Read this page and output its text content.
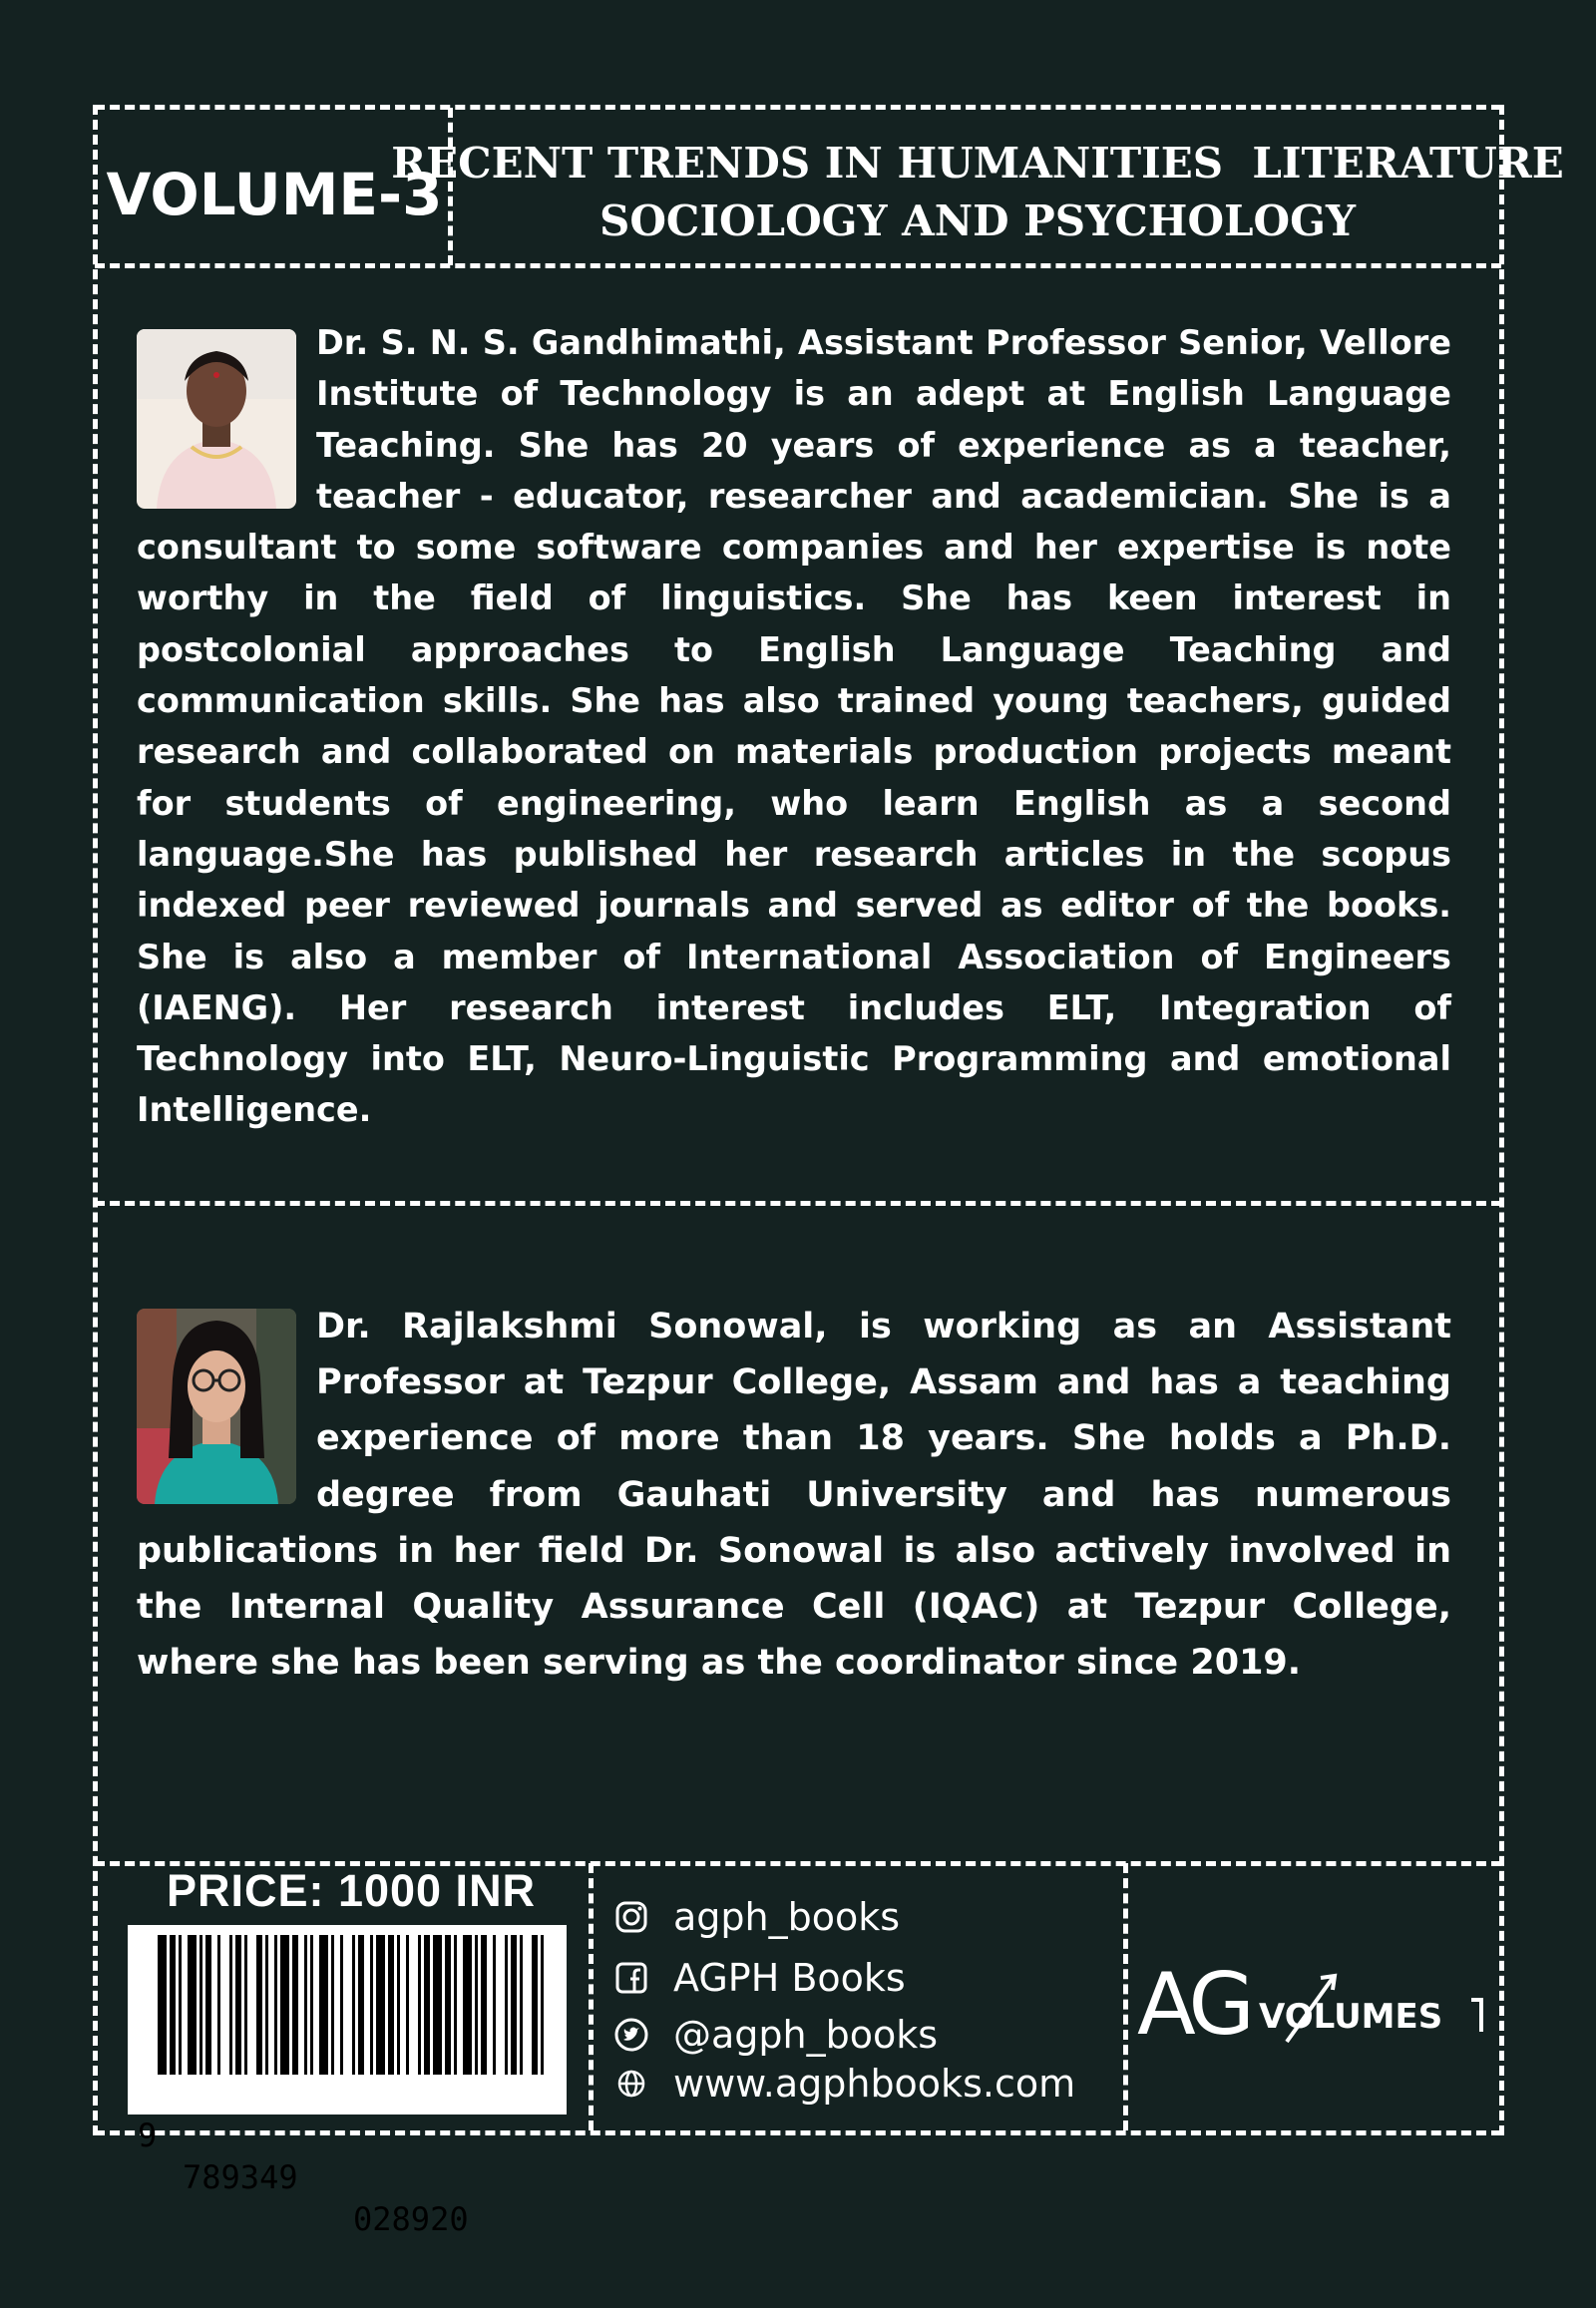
VOLUME-3
RECENT TRENDS IN HUMANITIES  LITERATURE
SOCIOLOGY AND PSYCHOLOGY
Dr. S. N. S. Gandhimathi, Assistant Professor Senior, Vellore Institute of Technology is an adept at English Language Teaching. She has 20 years of experience as a teacher, teacher - educator, researcher and academician. She is a consultant to some software companies and her expertise is note worthy in the field of linguistics. She has keen interest in postcolonial approaches to English Language Teaching and communication skills. She has also trained young teachers, guided research and collaborated on materials production projects meant for students of engineering, who learn English as a second language.She has published her research articles in the scopus indexed peer reviewed journals and served as editor of the books. She is also a member of International Association of Engineers (IAENG). Her research interest includes ELT, Integration of Technology into ELT, Neuro-Linguistic Programming and emotional Intelligence.
Dr. Rajlakshmi Sonowal, is working as an Assistant Professor at Tezpur College, Assam and has a teaching experience of more than 18 years. She holds a Ph.D. degree from Gauhati University and has numerous publications in her field Dr. Sonowal is also actively involved in the Internal Quality Assurance Cell (IQAC) at Tezpur College, where she has been serving as the coordinator since 2019.
PRICE: 1000 INR

9

789349

028920

agph_books
AGPH Books
@agph_books
www.agphbooks.com
AG VOLUMES
